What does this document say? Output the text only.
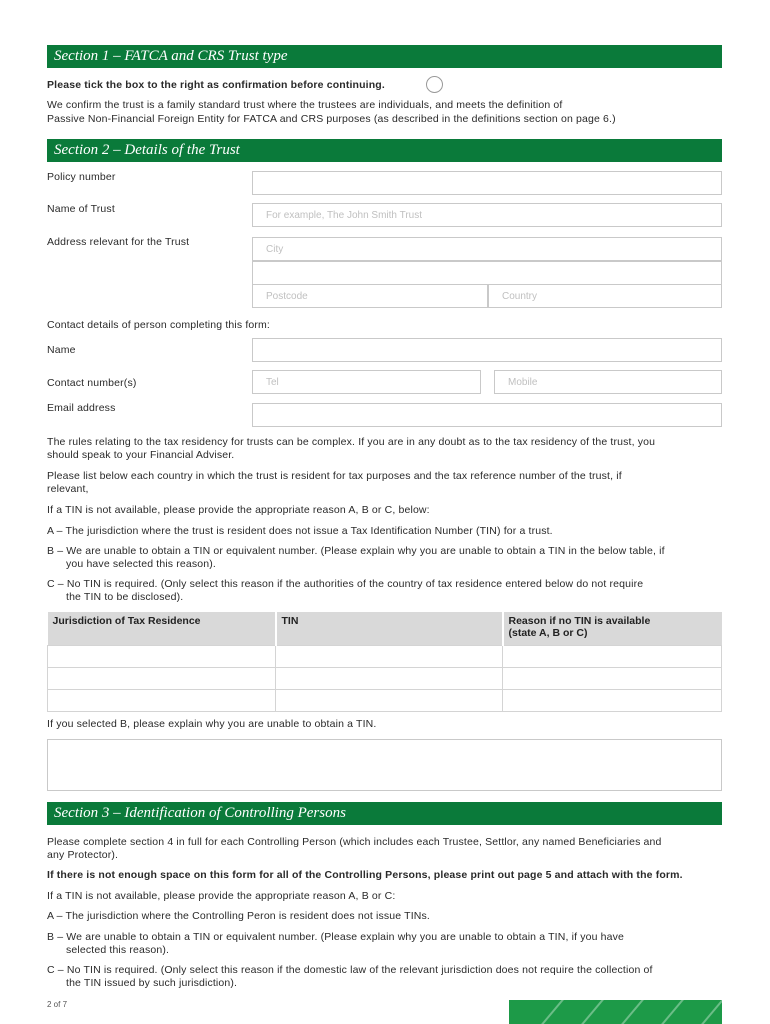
Section 1 – FATCA and CRS Trust type
Please tick the box to the right as confirmation before continuing.
We confirm the trust is a family standard trust where the trustees are individuals, and meets the definition of
Passive Non-Financial Foreign Entity for FATCA and CRS purposes (as described in the definitions section on page 6.)
Section 2 – Details of the Trust
Policy number
Name of Trust
For example, The John Smith Trust
Address relevant for the Trust
City
Postcode	Country
Contact details of person completing this form:
Name
Contact number(s)	Tel	Mobile
Email address
The rules relating to the tax residency for trusts can be complex. If you are in any doubt as to the tax residency of the trust, you
should speak to your Financial Adviser.
Please list below each country in which the trust is resident for tax purposes and the tax reference number of the trust, if
relevant,
If a TIN is not available, please provide the appropriate reason A, B or C, below:
A – The jurisdiction where the trust is resident does not issue a Tax Identification Number (TIN) for a trust.
B – We are unable to obtain a TIN or equivalent number. (Please explain why you are unable to obtain a TIN in the below table, if
you have selected this reason).
C – No TIN is required. (Only select this reason if the authorities of the country of tax residence entered below do not require
the TIN to be disclosed).
Jurisdiction of Tax Residence	TIN	Reason if no TIN is available
(state A, B or C)

If you selected B, please explain why you are unable to obtain a TIN.
Section 3 – Identification of Controlling Persons
Please complete section 4 in full for each Controlling Person (which includes each Trustee, Settlor, any named Beneficiaries and
any Protector).
If there is not enough space on this form for all of the Controlling Persons, please print out page 5 and attach with the form.
If a TIN is not available, please provide the appropriate reason A, B or C:
A – The jurisdiction where the Controlling Peron is resident does not issue TINs.
B – We are unable to obtain a TIN or equivalent number. (Please explain why you are unable to obtain a TIN, if you have
selected this reason).
C – No TIN is required. (Only select this reason if the domestic law of the relevant jurisdiction does not require the collection of
the TIN issued by such jurisdiction).
2 of 7
